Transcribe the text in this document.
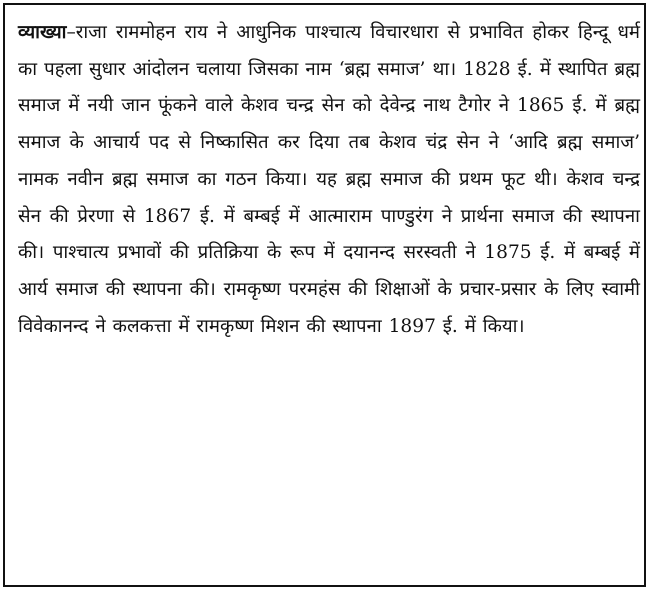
व्याख्या–राजा राममोहन राय ने आधुनिक पाश्चात्य विचारधारा से प्रभावित होकर हिन्दू धर्म का पहला सुधार आंदोलन चलाया जिसका नाम ‘ब्रह्म समाज’ था। 1828 ई. में स्थापित ब्रह्म समाज में नयी जान फूंकने वाले केशव चन्द्र सेन को देवेन्द्र नाथ टैगोर ने 1865 ई. में ब्रह्म समाज के आचार्य पद से निष्कासित कर दिया तब केशव चंद्र सेन ने ‘आदि ब्रह्म समाज’ नामक नवीन ब्रह्म समाज का गठन किया। यह ब्रह्म समाज की प्रथम फूट थी। केशव चन्द्र सेन की प्रेरणा से 1867 ई. में बम्बई में आत्माराम पाण्डुरंग ने प्रार्थना समाज की स्थापना की। पाश्चात्य प्रभावों की प्रतिक्रिया के रूप में दयानन्द सरस्वती ने 1875 ई. में बम्बई में आर्य समाज की स्थापना की। रामकृष्ण परमहंस की शिक्षाओं के प्रचार-प्रसार के लिए स्वामी विवेकानन्द ने कलकत्ता में रामकृष्ण मिशन की स्थापना 1897 ई. में किया।
